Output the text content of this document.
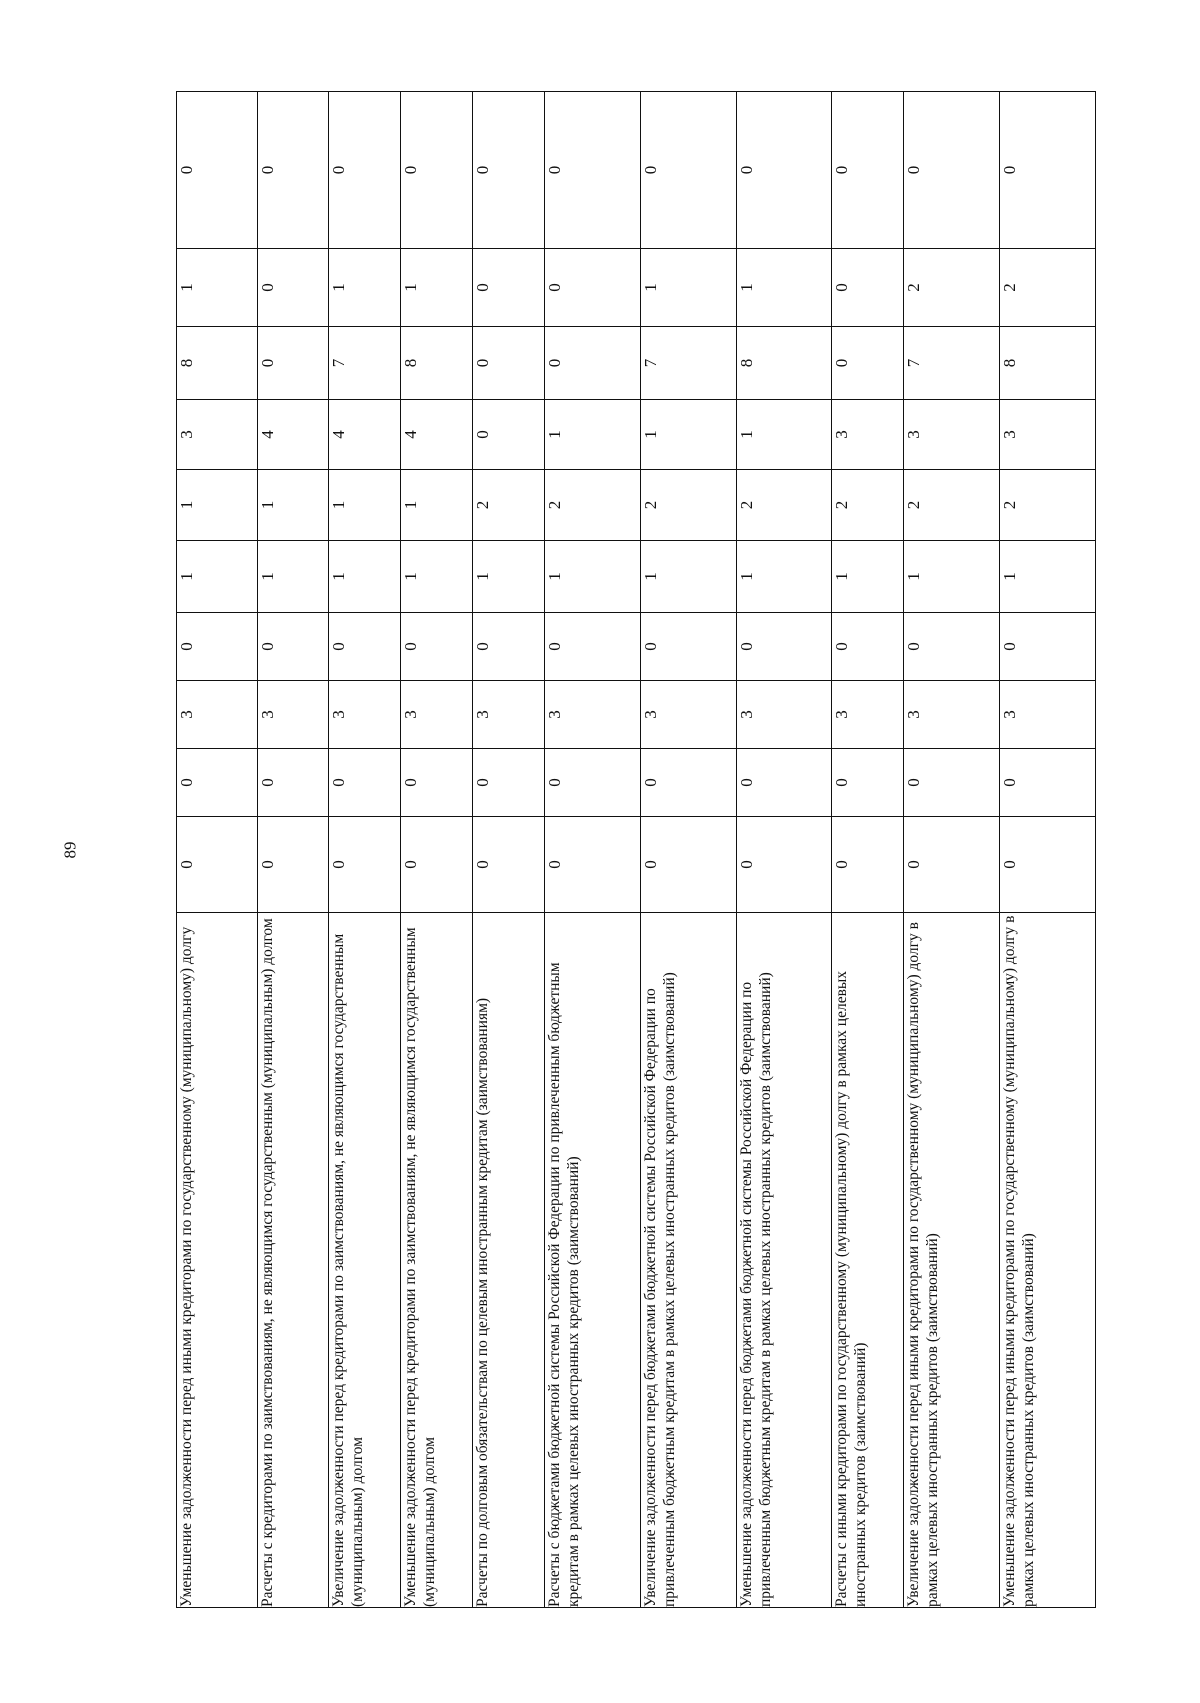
89
Уменьшение задолженности перед иными кредиторами по государственному (муниципальному) долгу	0	0	3	0	1	1	3	8	1	0
Расчеты с кредиторами по заимствованиям, не являющимся государственным (муниципальным) долгом	0	0	3	0	1	1	4	0	0	0
Увеличение задолженности перед кредиторами по заимствованиям, не являющимся государственным (муниципальным) долгом	0	0	3	0	1	1	4	7	1	0
Уменьшение задолженности перед кредиторами по заимствованиям, не являющимся государственным (муниципальным) долгом	0	0	3	0	1	1	4	8	1	0
Расчеты по долговым обязательствам по целевым иностранным кредитам (заимствованиям)	0	0	3	0	1	2	0	0	0	0
Расчеты с бюджетами бюджетной системы Российской Федерации по привлеченным бюджетным кредитам в рамках целевых иностранных кредитов (заимствований)	0	0	3	0	1	2	1	0	0	0
Увеличение задолженности перед бюджетами бюджетной системы Российской Федерации по привлеченным бюджетным кредитам в рамках целевых иностранных кредитов (заимствований)	0	0	3	0	1	2	1	7	1	0
Уменьшение задолженности перед бюджетами бюджетной системы Российской Федерации по привлеченным бюджетным кредитам в рамках целевых иностранных кредитов (заимствований)	0	0	3	0	1	2	1	8	1	0
Расчеты с иными кредиторами по государственному (муниципальному) долгу в рамках целевых иностранных кредитов (заимствований)	0	0	3	0	1	2	3	0	0	0
Увеличение задолженности перед иными кредиторами по государственному (муниципальному) долгу в рамках целевых иностранных кредитов (заимствований)	0	0	3	0	1	2	3	7	2	0
Уменьшение задолженности перед иными кредиторами по государственному (муниципальному) долгу в рамках целевых иностранных кредитов (заимствований)	0	0	3	0	1	2	3	8	2	0
